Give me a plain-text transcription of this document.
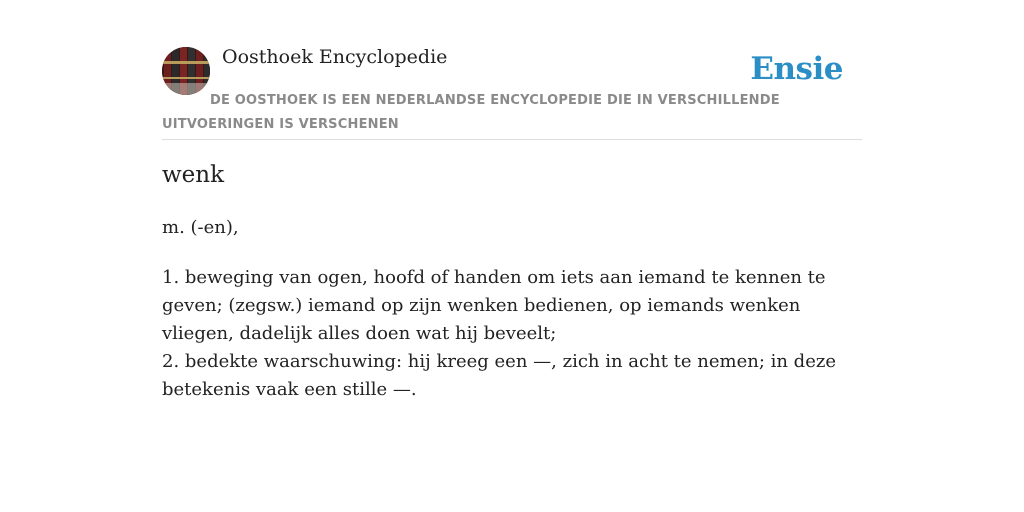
Oosthoek Encyclopedie	Ensie
DE OOSTHOEK IS EEN NEDERLANDSE ENCYCLOPEDIE DIE IN VERSCHILLENDE UITVOERINGEN IS VERSCHENEN
wenk

m. (-en),

1. beweging van ogen, hoofd of handen om iets aan iemand te kennen te geven; (zegsw.) iemand op zijn wenken bedienen, op iemands wenken vliegen, dadelijk alles doen wat hij beveelt;
2. bedekte waarschuwing: hij kreeg een —, zich in acht te nemen; in deze betekenis vaak een stille —.
